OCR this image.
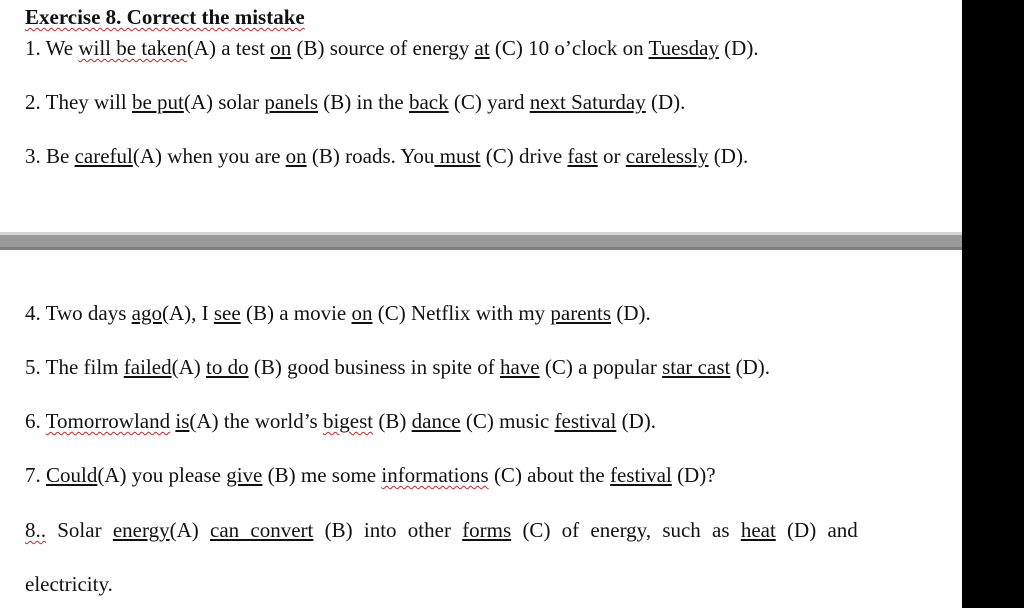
Exercise 8. Correct the mistake
1. We will be taken(A) a test on (B) source of energy at (C) 10 o’clock on Tuesday (D).
2. They will be put(A) solar panels (B) in the back (C) yard next Saturday (D).
3. Be careful(A) when you are on (B) roads. You must (C) drive fast or carelessly (D).
4. Two days ago(A), I see (B) a movie on (C) Netflix with my parents (D).
5. The film failed(A) to do (B) good business in spite of have (C) a popular star cast (D).
6. Tomorrowland is(A) the world’s bigest (B) dance (C) music festival (D).
7. Could(A) you please give (B) me some informations (C) about the festival (D)?
8.. Solar energy(A) can convert (B) into other forms (C) of energy, such as heat (D) and
electricity.
